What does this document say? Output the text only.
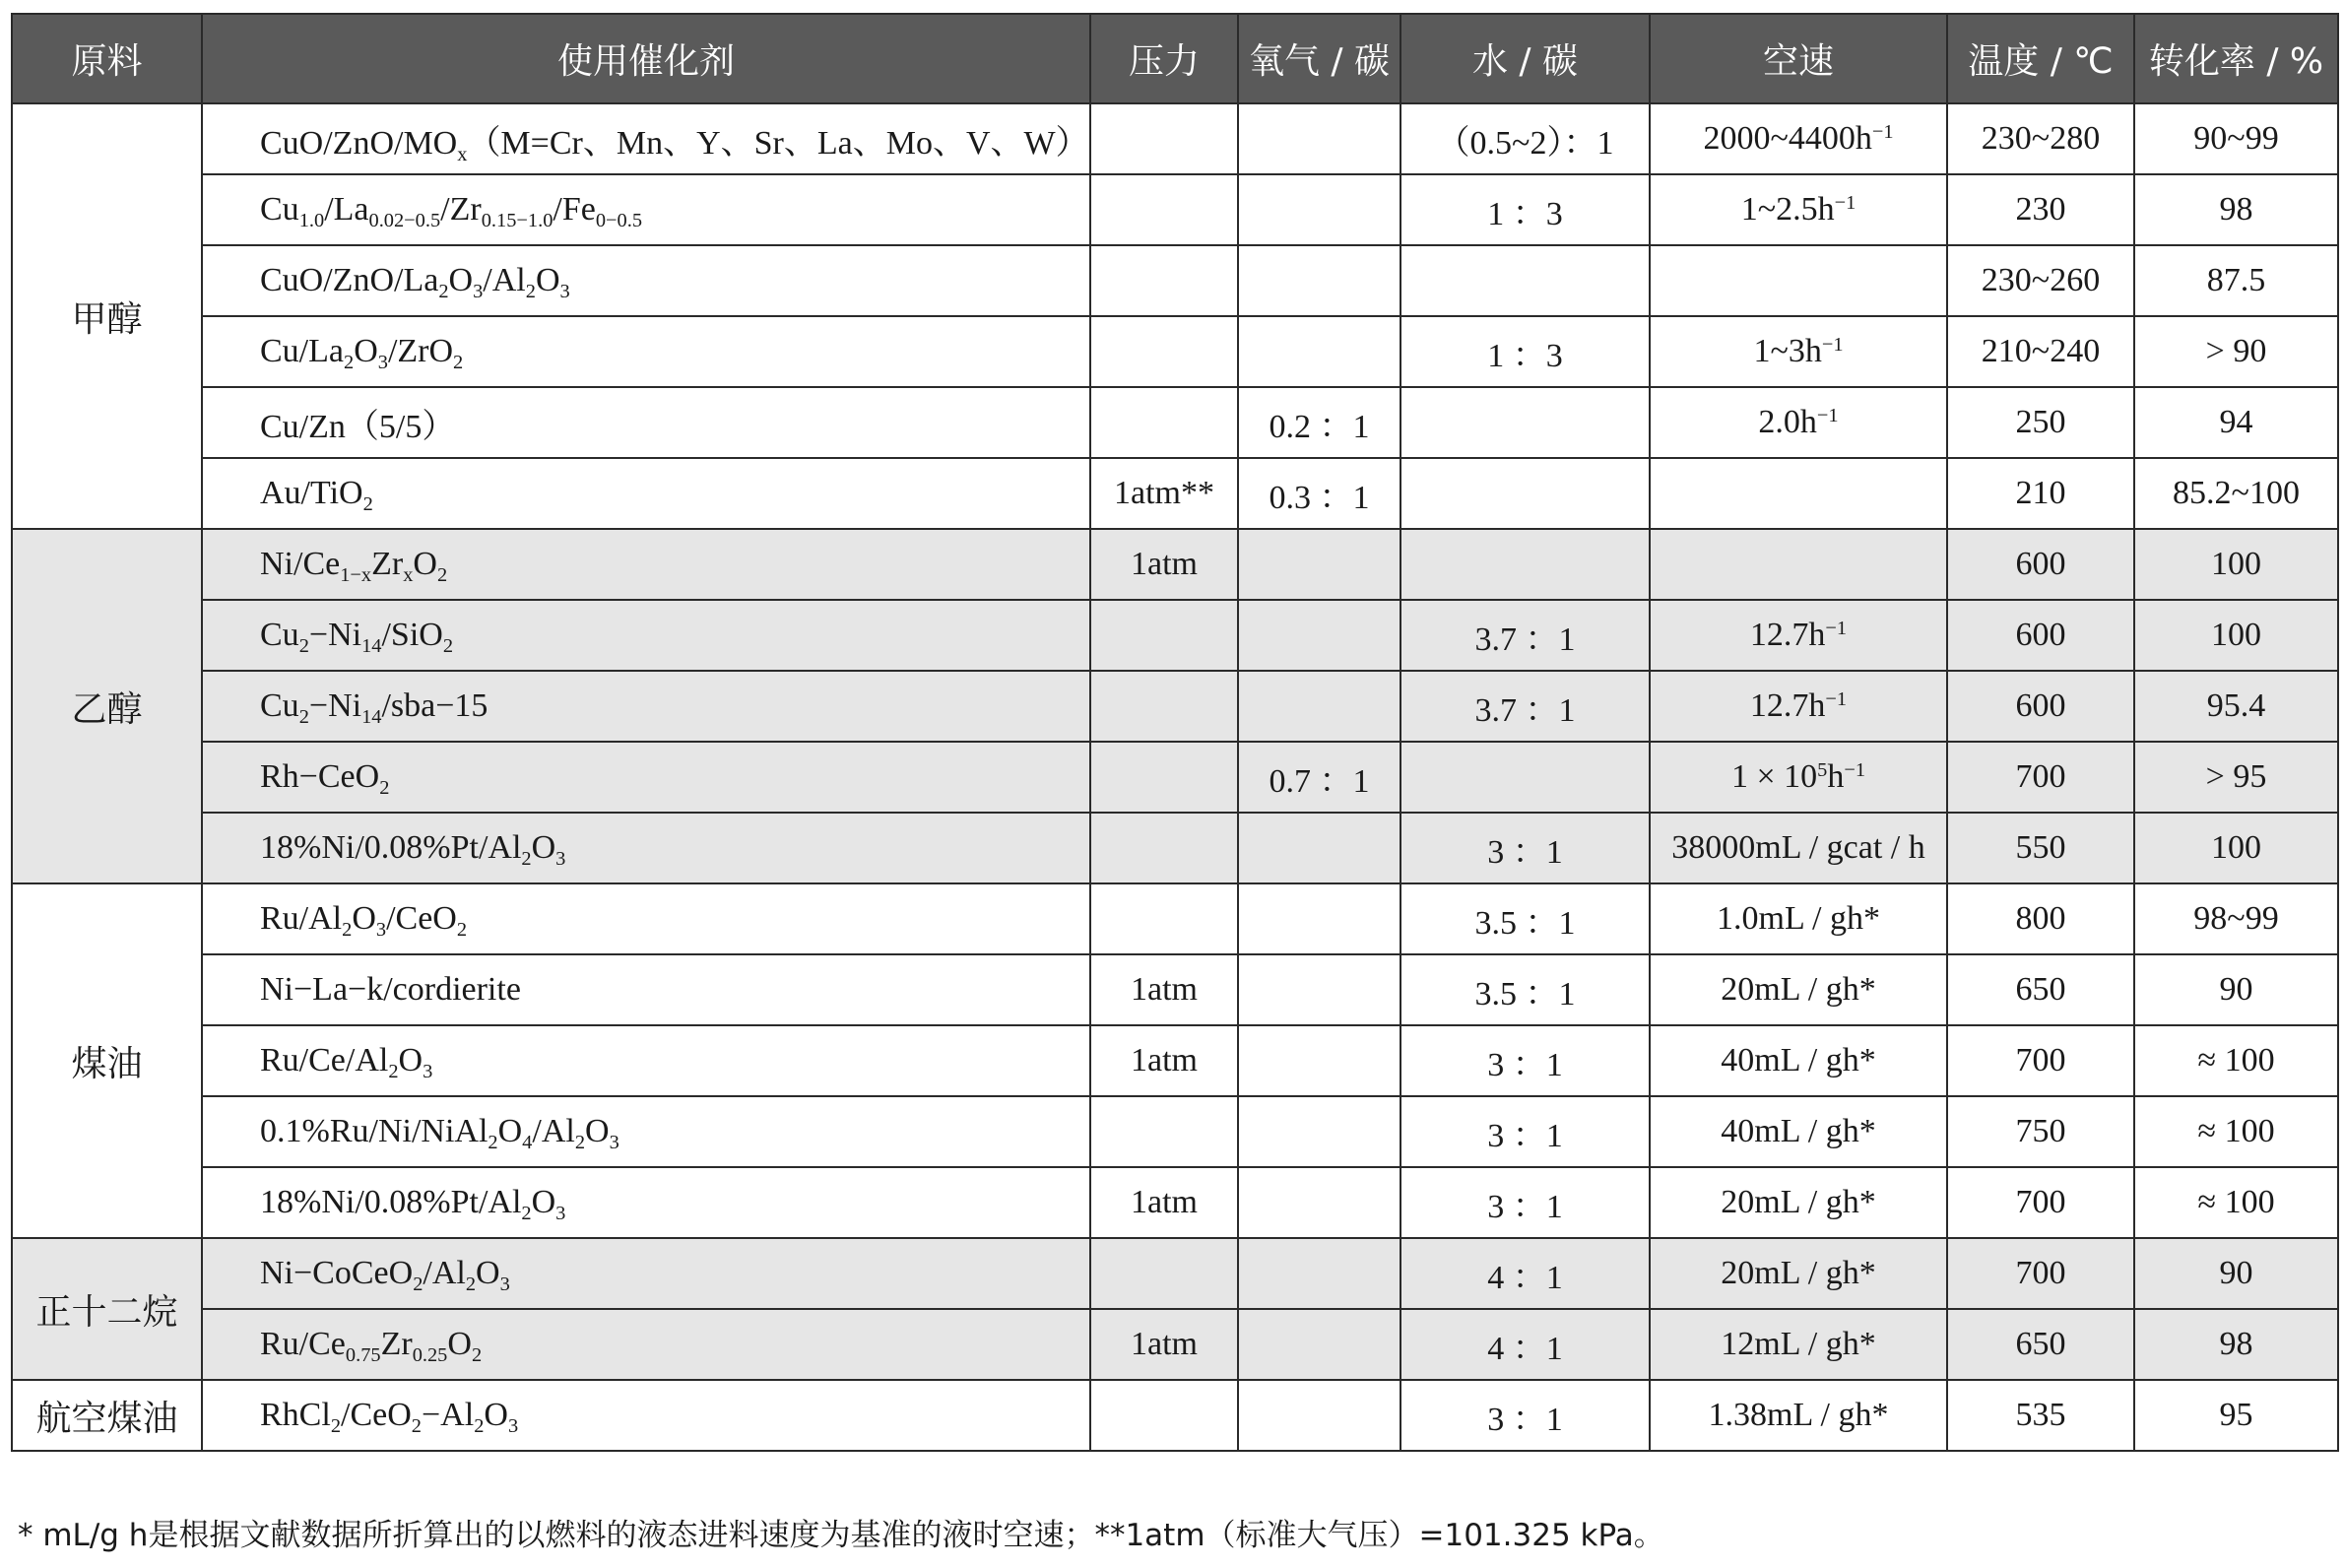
原料	使用催化剂	压力	氧气 / 碳	水 / 碳	空速	温度 / ℃	转化率 / %
甲醇	CuO/$ZnO/MO_x(M=Cr$、Mn、Y、Sr、La、Mo、V、W）			（0.5~2）：1	$2000\sim 4400h^{-1}$	230~280	90~99
	$Cu_{1.0}/La_{0.02-0.5}/Zr_{0.15-1.0}/Fe_{0-0.5}$			1 ：3	$1\sim 2.5h^{-1}$	230	98
	CuO/$ZnO/La_2O_3/Al_2O_3$					230~260	87.5
	$Cu/La_2O_3/ZrO_2$			1 ：3	$1\sim 3h^{-1}$	210~240	> 90
	Cu/Zn（5/5）		0.2 ：1		$2.0h^{-1}$	250	94
	Au/TiO$_2$	1atm**	0.3 ：1			210	85.2~100
乙醇	$Ni/Ce_{1-x}Zr_xO_2$	1atm				600	100
	$Cu_2-Ni_{14}/SiO_2$			3.7 ：1	$12.7h^{-1}$	600	100
	$Cu_2-Ni_{14}/sba-15$			3.7 ：1	$12.7h^{-1}$	600	95.4
	Rh−CeO$_2$		0.7 ：1		$1 \times 10^5h^{-1}$	700	> 95
	$18\%Ni/0.08\%Pt/Al_2O_3$			3 ：1	38000mL / gcat / h	550	100
煤油	$Ru/Al_2O_3/CeO_2$			3.5 ：1	1.0mL / gh*	800	98~99
	Ni−La−k/cordierite	1atm		3.5 ：1	20mL / gh*	650	90
	$Ru/Ce/Al_2O_3$	1atm		3 ：1	40mL / gh*	700	≈ 100
	$0.1\%Ru/Ni/NiAl_2O_4/Al_2O_3$			3 ：1	40mL / gh*	750	≈ 100
	$18\%Ni/0.08\%Pt/Al_2O_3$	1atm		3 ：1	20mL / gh*	700	≈ 100
正十二烷	$Ni-CoCeO_2/Al_2O_3$			4 ：1	20mL / gh*	700	90
	$Ru/Ce_{0.75}Zr_{0.25}O_2$	1atm		4 ：1	12mL / gh*	650	98
航空煤油	$RhCl_2/CeO_2-Al_2O_3$			3 ：1	1.38mL / gh*	535	95
* mL/g h是根据文献数据所折算出的以燃料的液态进料速度为基准的液时空速；**1atm（标准大气压）=101.325 kPa。
